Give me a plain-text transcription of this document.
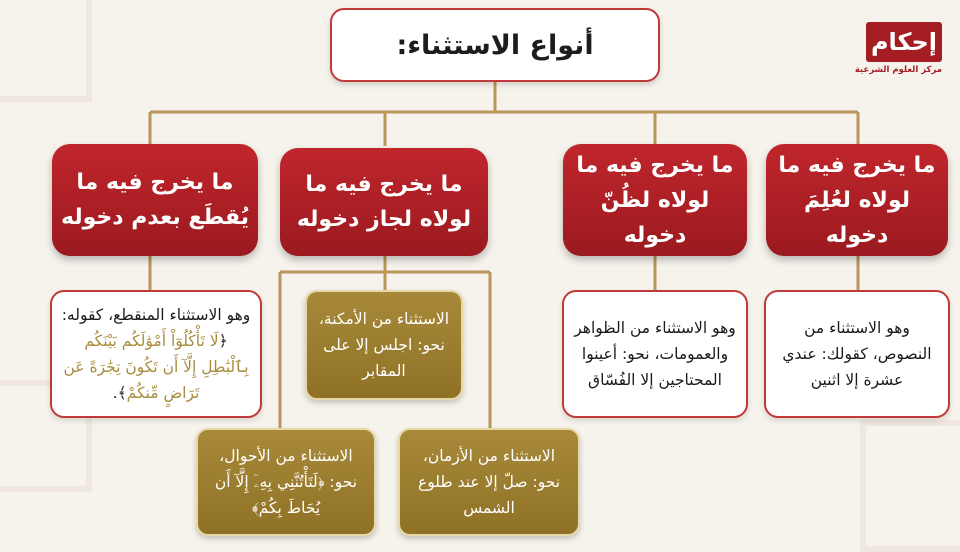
أنواع الاستثناء:	إحكام
مركز العلوم الشرعية
ما يخرج فيه ما لولاه لعُلِمَ دخوله
ما يخرج فيه ما لولاه لظُنّ دخوله
ما يخرج فيه ما لولاه لجاز دخوله
ما يخرج فيه ما يُقطَع بعدم دخوله
وهو الاستثناء من النصوص، كقولك: عندي عشرة إلا اثنين
وهو الاستثناء من الظواهر والعمومات، نحو: أعينوا المحتاجين إلا الفُسّاق
وهو الاستثناء المنقطع، كقوله: ﴿لَا تَأْكُلُوٓاْ أَمْوَٰلَكُم بَيْنَكُم بِٱلْبَٰطِلِ إِلَّآ أَن تَكُونَ تِجَٰرَةً عَن تَرَاضٍ مِّنكُمْ﴾.
الاستثناء من الأمكنة، نحو: اجلس إلا على المقابر
الاستثناء من الأزمان، نحو: صلّ إلا عند طلوع الشمس
الاستثناء من الأحوال، نحو: ﴿لَتَأْتُنَّنِي بِهِۦٓ إِلَّآ أَن يُحَاطَ بِكُمْ﴾
